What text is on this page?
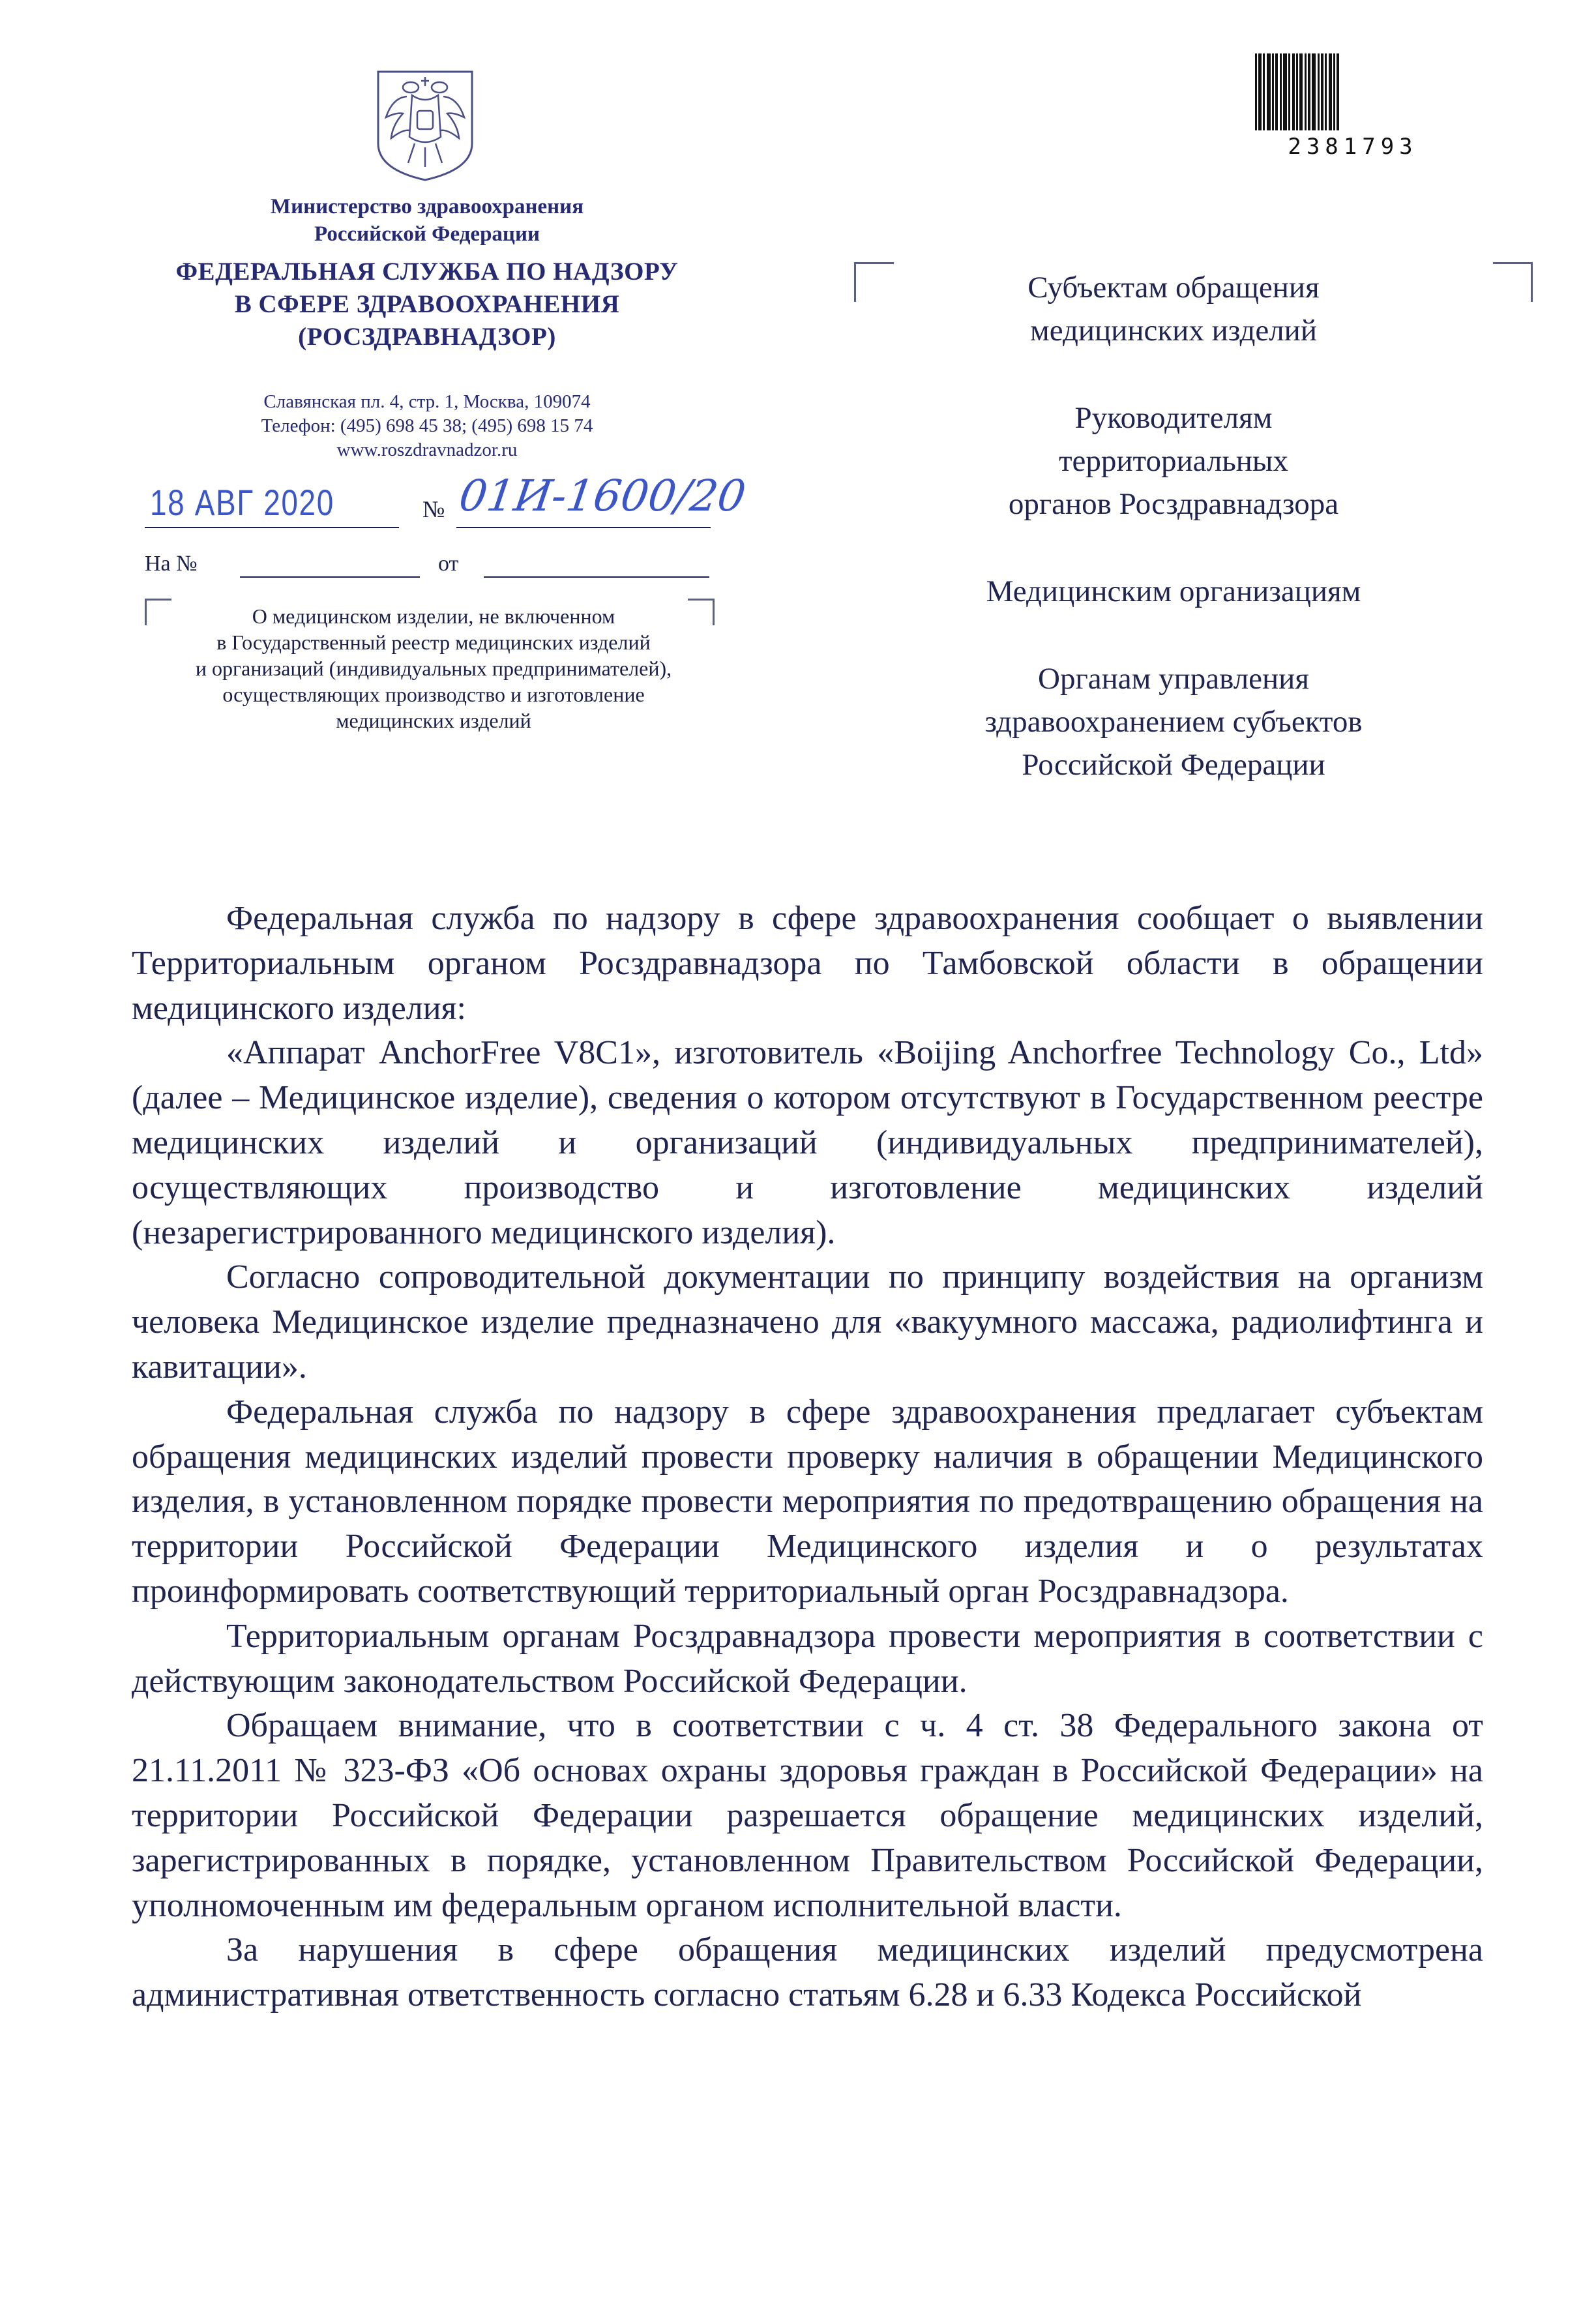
2381793
Министерство здравоохранения
Российской Федерации
ФЕДЕРАЛЬНАЯ СЛУЖБА ПО НАДЗОРУ
В СФЕРЕ ЗДРАВООХРАНЕНИЯ
(РОСЗДРАВНАДЗОР)
Славянская пл. 4, стр. 1, Москва, 109074
Телефон: (495) 698 45 38; (495) 698 15 74
www.roszdravnadzor.ru
18 АВГ 2020	№ 01И-1600/20
На №	от
О медицинском изделии, не включенном
в Государственный реестр медицинских изделий
и организаций (индивидуальных предпринимателей),
осуществляющих производство и изготовление
медицинских изделий
Субъектам обращения
медицинских изделий
Руководителям
территориальных
органов Росздравнадзора
Медицинским организациям
Органам управления
здравоохранением субъектов
Российской Федерации

Федеральная служба по надзору в сфере здравоохранения сообщает о выявлении Территориальным органом Росздравнадзора по Тамбовской области в обращении медицинского изделия:

«Аппарат AnchorFree V8C1», изготовитель «Boijing Anchorfree Technology Co., Ltd» (далее – Медицинское изделие), сведения о котором отсутствуют в Государственном реестре медицинских изделий и организаций (индивидуальных предпринимателей), осуществляющих производство и изготовление медицинских изделий (незарегистрированного медицинского изделия).

Согласно сопроводительной документации по принципу воздействия на организм человека Медицинское изделие предназначено для «вакуумного массажа, радиолифтинга и кавитации».

Федеральная служба по надзору в сфере здравоохранения предлагает субъектам обращения медицинских изделий провести проверку наличия в обращении Медицинского изделия, в установленном порядке провести мероприятия по предотвращению обращения на территории Российской Федерации Медицинского изделия и о результатах проинформировать соответствующий территориальный орган Росздравнадзора.

Территориальным органам Росздравнадзора провести мероприятия в соответствии с действующим законодательством Российской Федерации.

Обращаем внимание, что в соответствии с ч. 4 ст. 38 Федерального закона от 21.11.2011 № 323-ФЗ «Об основах охраны здоровья граждан в Российской Федерации» на территории Российской Федерации разрешается обращение медицинских изделий, зарегистрированных в порядке, установленном Правительством Российской Федерации, уполномоченным им федеральным органом исполнительной власти.

За нарушения в сфере обращения медицинских изделий предусмотрена административная ответственность согласно статьям 6.28 и 6.33 Кодекса Российской
